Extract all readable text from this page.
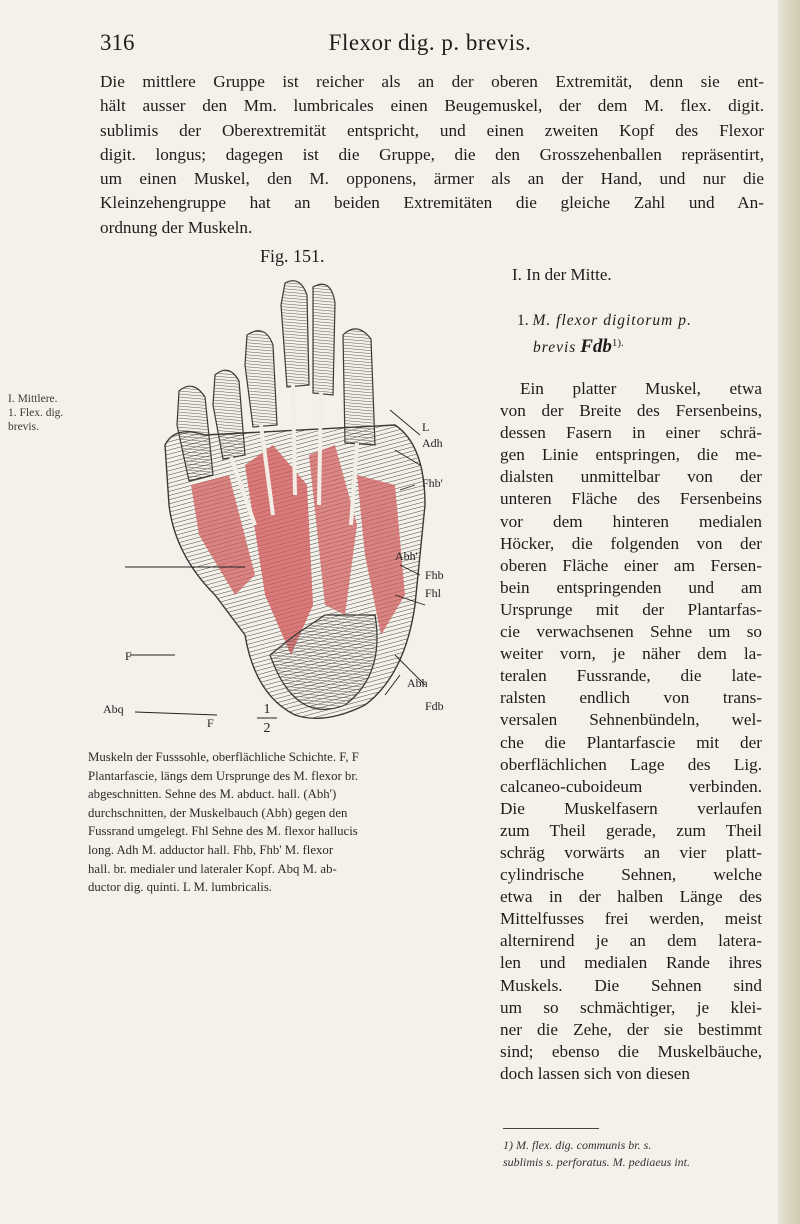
316	Flexor dig. p. brevis.
Die mittlere Gruppe ist reicher als an der oberen Extremität, denn sie ent-
hält ausser den Mm. lumbricales einen Beugemuskel, der dem M. flex. digit.
sublimis der Oberextremität entspricht, und einen zweiten Kopf des Flexor
digit. longus; dagegen ist die Gruppe, die den Grosszehenballen repräsentirt,
um einen Muskel, den M. opponens, ärmer als an der Hand, und nur die
Kleinzehengruppe hat an beiden Extremitäten die gleiche Zahl und An-
ordnung der Muskeln.
I. Mittlere.
1. Flex. dig.
brevis.
Fig. 151.
L
Adh
Fhb'
Abh'
Fhb
Fhl
F
Abq
Abh
Fdb
F
1
2
Muskeln der Fusssohle, oberflächliche Schichte. F, F
Plantarfascie, längs dem Ursprunge des M. flexor br.
abgeschnitten. Sehne des M. abduct. hall. (Abh')
durchschnitten, der Muskelbauch (Abh) gegen den
Fussrand umgelegt. Fhl Sehne des M. flexor hallucis
long. Adh M. adductor hall. Fhb, Fhb' M. flexor
hall. br. medialer und lateraler Kopf. Abq M. ab-
ductor dig. quinti. L M. lumbricalis.
I. In der Mitte.
1. M. flexor digitorum p.
brevis Fdb$^{1).}$
Ein platter Muskel, etwa
von der Breite des Fersenbeins,
dessen Fasern in einer schrä-
gen Linie entspringen, die me-
dialsten unmittelbar von der
unteren Fläche des Fersenbeins
vor dem hinteren medialen
Höcker, die folgenden von der
oberen Fläche einer am Fersen-
bein entspringenden und am
Ursprunge mit der Plantarfas-
cie verwachsenen Sehne um so
weiter vorn, je näher dem la-
teralen Fussrande, die late-
ralsten endlich von trans-
versalen Sehnenbündeln, wel-
che die Plantarfascie mit der
oberflächlichen Lage des Lig.
calcaneo-cuboideum verbinden.
Die Muskelfasern verlaufen
zum Theil gerade, zum Theil
schräg vorwärts an vier platt-
cylindrische Sehnen, welche
etwa in der halben Länge des
Mittelfusses frei werden, meist
alternirend je an dem latera-
len und medialen Rande ihres
Muskels. Die Sehnen sind
um so schmächtiger, je klei-
ner die Zehe, der sie bestimmt
sind; ebenso die Muskelbäuche,
doch lassen sich von diesen
1) M. flex. dig. communis br. s.
sublimis s. perforatus. M. pediaeus int.
